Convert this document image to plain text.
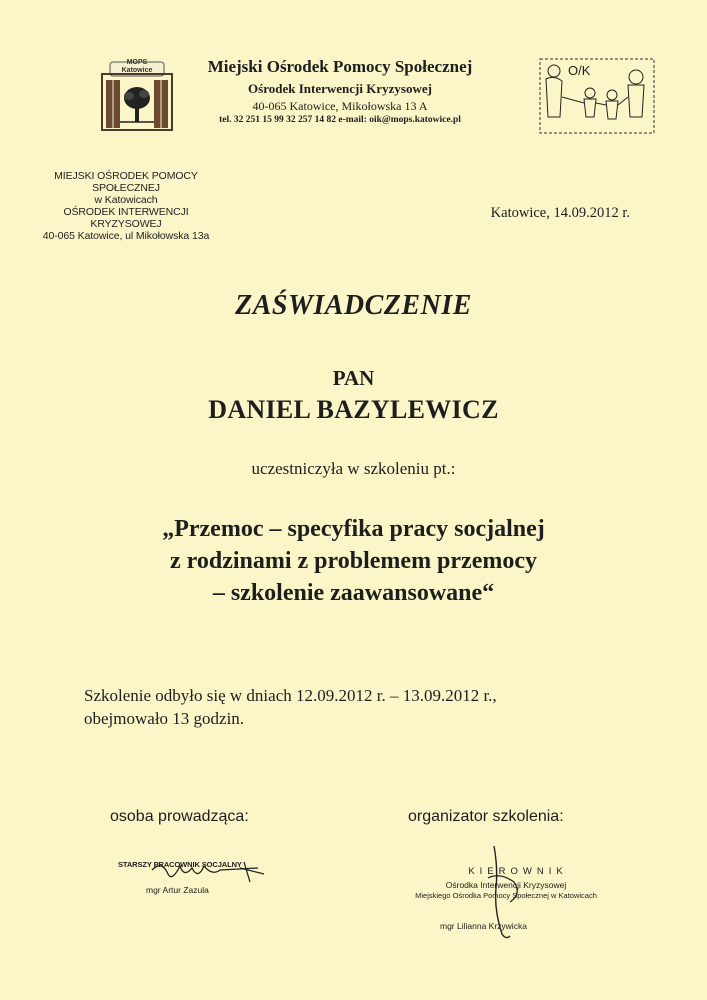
MOPS Katowice	Miejski Ośrodek Pomocy Społecznej
Ośrodek Interwencji Kryzysowej
40-065 Katowice, Mikołowska 13 A
tel. 32 251 15 99 32 257 14 82 e-mail: oik@mops.katowice.pl
O/K
MIEJSKI OŚRODEK POMOCY SPOŁECZNEJ
w Katowicach
OŚRODEK INTERWENCJI KRYZYSOWEJ
40-065 Katowice, ul Mikołowska 13a
Katowice, 14.09.2012 r.
ZAŚWIADCZENIE
PAN
DANIEL BAZYLEWICZ
uczestniczyła w szkoleniu pt.:
„Przemoc – specyfika pracy socjalnej
z rodzinami z problemem przemocy
– szkolenie zaawansowane“

Szkolenie odbyło się w dniach 12.09.2012 r. – 13.09.2012 r.,

obejmowało 13 godzin.

osoba prowadząca:	organizator szkolenia:
STARSZY PRACOWNIK SOCJALNY
mgr Artur Zazula
KIEROWNIK
Ośrodka Interwencji Kryzysowej
Miejskiego Ośrodka Pomocy Społecznej w Katowicach
mgr Lilianna Krzywicka
